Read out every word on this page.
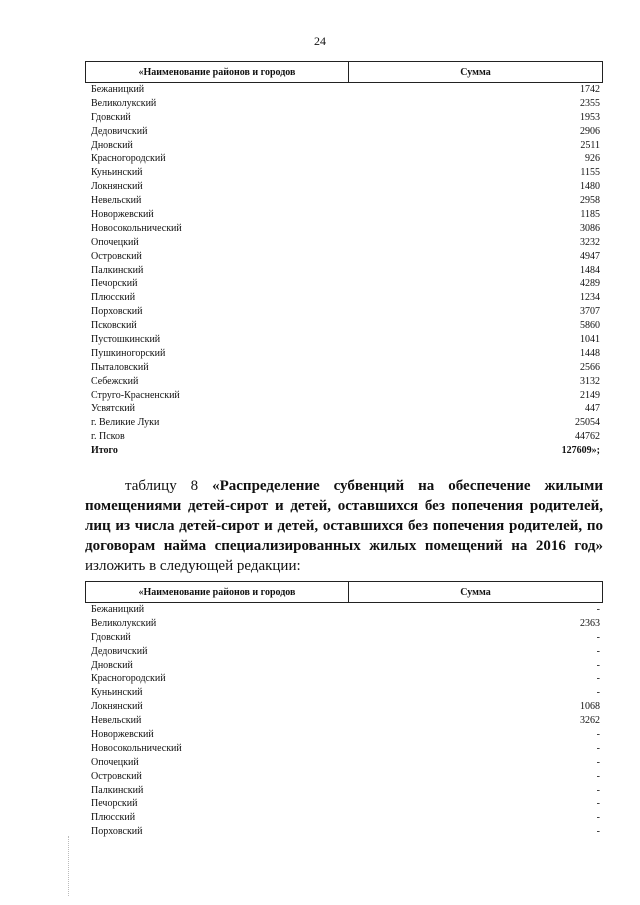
24
«Наименование районов и городов	Сумма
Бежаницкий	1742
Великолукский	2355
Гдовский	1953
Дедовичский	2906
Дновский	2511
Красногородский	926
Куньинский	1155
Локнянский	1480
Невельский	2958
Новоржевский	1185
Новосокольнический	3086
Опочецкий	3232
Островский	4947
Палкинский	1484
Печорский	4289
Плюсский	1234
Порховский	3707
Псковский	5860
Пустошкинский	1041
Пушкиногорский	1448
Пыталовский	2566
Себежский	3132
Струго-Красненский	2149
Усвятский	447
г. Великие Луки	25054
г. Псков	44762
Итого	127609»;
таблицу 8 «Распределение субвенций на обеспечение жилыми
помещениями детей-сирот и детей, оставшихся без попечения родителей,
лиц из числа детей-сирот и детей, оставшихся без попечения родителей, по
договорам найма специализированных жилых помещений на 2016 год»
изложить в следующей редакции:
«Наименование районов и городов	Сумма
Бежаницкий	-
Великолукский	2363
Гдовский	-
Дедовичский	-
Дновский	-
Красногородский	-
Куньинский	-
Локнянский	1068
Невельский	3262
Новоржевский	-
Новосокольнический	-
Опочецкий	-
Островский	-
Палкинский	-
Печорский	-
Плюсский	-
Порховский	-
